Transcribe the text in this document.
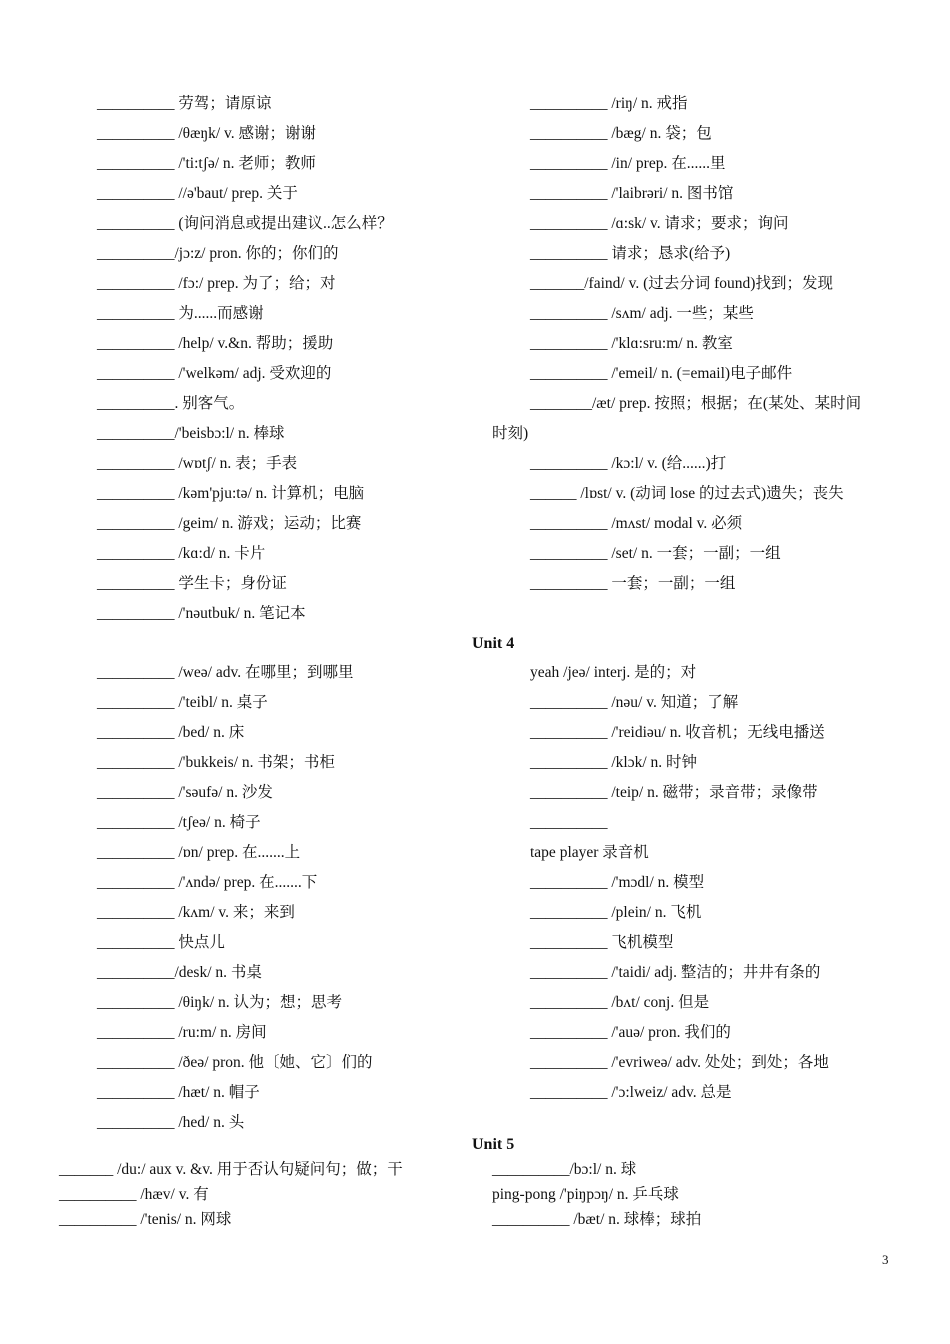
__________ 劳驾；请原谅
__________ /θæŋk/ v. 感谢；谢谢
__________ /'ti:tʃə/ n. 老师；教师
__________ //ə'baut/ prep. 关于
__________ (询问消息或提出建议..怎么样？
__________/jɔ:z/ pron. 你的；你们的
__________ /fɔ:/ prep. 为了；给；对
__________ 为......而感谢
__________ /help/ v.&n. 帮助；援助
__________ /'welkəm/ adj. 受欢迎的
__________. 别客气。
__________/'beisbɔ:l/ n. 棒球
__________ /wɒtʃ/ n. 表；手表
__________ /kəm'pju:tə/ n. 计算机；电脑
__________ /geim/ n. 游戏；运动；比赛
__________ /kɑ:d/ n. 卡片
__________ 学生卡；身份证
__________ /'nəutbuk/ n. 笔记本
__________ /riŋ/ n. 戒指
__________ /bæg/ n. 袋；包
__________ /in/ prep. 在......里
__________ /'laibrəri/ n. 图书馆
__________ /ɑ:sk/ v. 请求；要求；询问
__________ 请求；恳求(给予)
_______/faind/ v. (过去分词 found)找到；发现
__________ /sʌm/ adj. 一些；某些
__________ /'klɑ:sru:m/ n. 教室
__________ /'emeil/ n. (=email)电子邮件
________/æt/ prep. 按照；根据；在(某处、某时间
时刻)
__________ /kɔ:l/ v. (给......)打
______ /lɒst/ v. (动词 lose 的过去式)遗失；丧失
__________ /mʌst/ modal v. 必须
__________ /set/ n. 一套；一副；一组
__________ 一套；一副；一组
Unit 4
__________ /weə/ adv. 在哪里；到哪里
__________ /'teibl/ n. 桌子
__________ /bed/ n. 床
__________ /'bukkeis/ n. 书架；书柜
__________ /'səufə/ n. 沙发
__________ /tʃeə/ n. 椅子
__________ /ɒn/ prep. 在.......上
__________ /'ʌndə/ prep. 在.......下
__________ /kʌm/ v. 来；来到
__________ 快点儿
__________/desk/ n. 书桌
__________ /θiŋk/ n. 认为；想；思考
__________ /ru:m/ n. 房间
__________ /ðeə/ pron. 他〔她、它〕们的
__________ /hæt/ n. 帽子
__________ /hed/ n. 头
yeah /jeə/ interj. 是的；对
__________ /nəu/ v. 知道；了解
__________ /'reidiəu/ n. 收音机；无线电播送
__________ /klɔk/ n. 时钟
__________ /teip/ n. 磁带；录音带；录像带
__________
tape player 录音机
__________ /'mɔdl/ n. 模型
__________ /plein/ n. 飞机
__________ 飞机模型
__________ /'taidi/ adj. 整洁的；井井有条的
__________ /bʌt/ conj. 但是
__________ /'auə/ pron. 我们的
__________ /'evriweə/ adv. 处处；到处；各地
__________ /'ɔ:lweiz/ adv. 总是
Unit 5
_______ /du:/ aux v. &v. 用于否认句疑问句；做；干
__________ /hæv/ v. 有
__________ /'tenis/ n. 网球
__________/bɔ:l/ n. 球
ping-pong /'piŋpɔŋ/ n. 乒乓球
__________ /bæt/ n. 球棒；球拍
3
